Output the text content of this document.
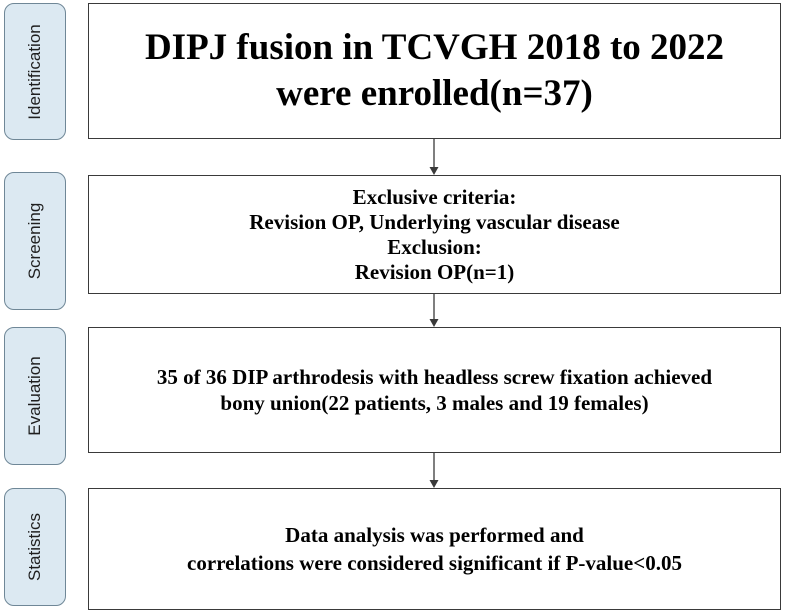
Identification
Screening
Evaluation
Statistics
DIPJ fusion in TCVGH 2018 to 2022
were enrolled(n=37)
Exclusive criteria:
Revision OP, Underlying vascular disease
Exclusion:
Revision OP(n=1)
35 of 36 DIP arthrodesis with headless screw fixation achieved
bony union(22 patients, 3 males and 19 females)
Data analysis was performed and
correlations were considered significant if P-value<0.05
